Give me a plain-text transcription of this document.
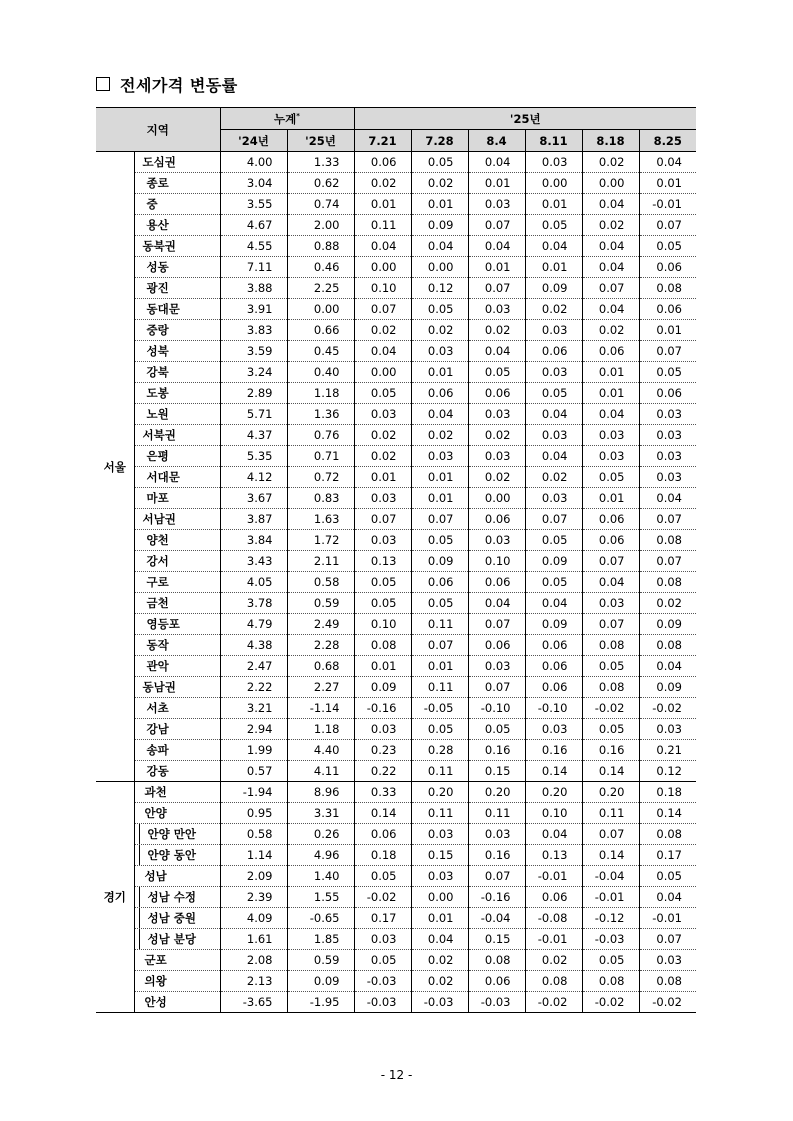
전세가격 변동률
지역		누계*		'25년					
		'24년	'25년	7.21	7.28	8.4	8.11	8.18	8.25
서울	도심권	4.00	1.33	0.06	0.05	0.04	0.03	0.02	0.04
	종로	3.04	0.62	0.02	0.02	0.01	0.00	0.00	0.01
	중	3.55	0.74	0.01	0.01	0.03	0.01	0.04	-0.01
	용산	4.67	2.00	0.11	0.09	0.07	0.05	0.02	0.07
	동북권	4.55	0.88	0.04	0.04	0.04	0.04	0.04	0.05
	성동	7.11	0.46	0.00	0.00	0.01	0.01	0.04	0.06
	광진	3.88	2.25	0.10	0.12	0.07	0.09	0.07	0.08
	동대문	3.91	0.00	0.07	0.05	0.03	0.02	0.04	0.06
	중랑	3.83	0.66	0.02	0.02	0.02	0.03	0.02	0.01
	성북	3.59	0.45	0.04	0.03	0.04	0.06	0.06	0.07
	강북	3.24	0.40	0.00	0.01	0.05	0.03	0.01	0.05
	도봉	2.89	1.18	0.05	0.06	0.06	0.05	0.01	0.06
	노원	5.71	1.36	0.03	0.04	0.03	0.04	0.04	0.03
	서북권	4.37	0.76	0.02	0.02	0.02	0.03	0.03	0.03
	은평	5.35	0.71	0.02	0.03	0.03	0.04	0.03	0.03
	서대문	4.12	0.72	0.01	0.01	0.02	0.02	0.05	0.03
	마포	3.67	0.83	0.03	0.01	0.00	0.03	0.01	0.04
	서남권	3.87	1.63	0.07	0.07	0.06	0.07	0.06	0.07
	양천	3.84	1.72	0.03	0.05	0.03	0.05	0.06	0.08
	강서	3.43	2.11	0.13	0.09	0.10	0.09	0.07	0.07
	구로	4.05	0.58	0.05	0.06	0.06	0.05	0.04	0.08
	금천	3.78	0.59	0.05	0.05	0.04	0.04	0.03	0.02
	영등포	4.79	2.49	0.10	0.11	0.07	0.09	0.07	0.09
	동작	4.38	2.28	0.08	0.07	0.06	0.06	0.08	0.08
	관악	2.47	0.68	0.01	0.01	0.03	0.06	0.05	0.04
	동남권	2.22	2.27	0.09	0.11	0.07	0.06	0.08	0.09
	서초	3.21	-1.14	-0.16	-0.05	-0.10	-0.10	-0.02	-0.02
	강남	2.94	1.18	0.03	0.05	0.05	0.03	0.05	0.03
	송파	1.99	4.40	0.23	0.28	0.16	0.16	0.16	0.21
	강동	0.57	4.11	0.22	0.11	0.15	0.14	0.14	0.12
경기	과천	-1.94	8.96	0.33	0.20	0.20	0.20	0.20	0.18
	안양	0.95	3.31	0.14	0.11	0.11	0.10	0.11	0.14
	안양 만안	0.58	0.26	0.06	0.03	0.03	0.04	0.07	0.08
	안양 동안	1.14	4.96	0.18	0.15	0.16	0.13	0.14	0.17
	성남	2.09	1.40	0.05	0.03	0.07	-0.01	-0.04	0.05
	성남 수정	2.39	1.55	-0.02	0.00	-0.16	0.06	-0.01	0.04
	성남 중원	4.09	-0.65	0.17	0.01	-0.04	-0.08	-0.12	-0.01
	성남 분당	1.61	1.85	0.03	0.04	0.15	-0.01	-0.03	0.07
	군포	2.08	0.59	0.05	0.02	0.08	0.02	0.05	0.03
	의왕	2.13	0.09	-0.03	0.02	0.06	0.08	0.08	0.08
	안성	-3.65	-1.95	-0.03	-0.03	-0.03	-0.02	-0.02	-0.02
- 12 -
